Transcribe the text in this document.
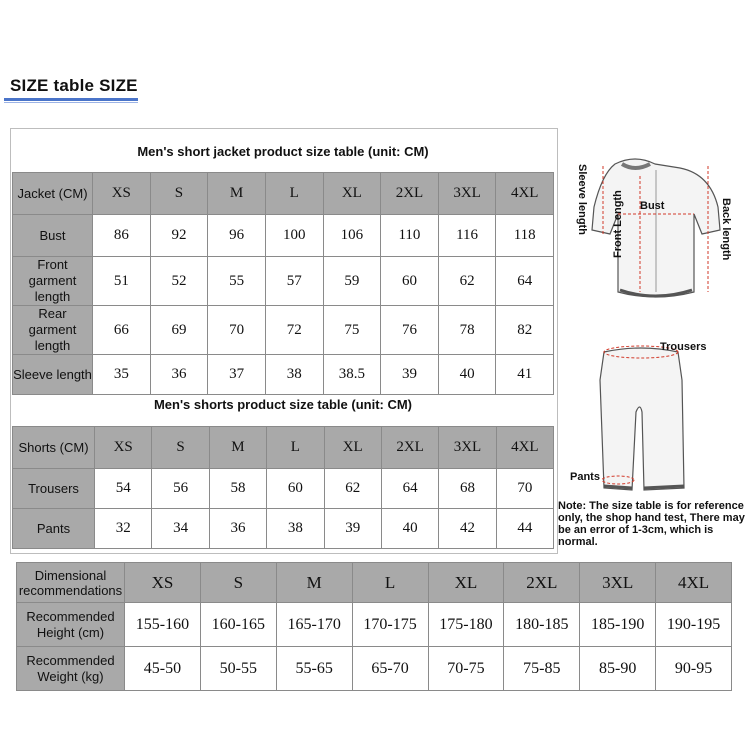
SIZE table SIZE
Men's short jacket product size table (unit: CM)
Jacket (CM)	XS	S	M	L	XL	2XL	3XL	4XL
Bust	86	92	96	100	106	110	116	118
Front garment length	51	52	55	57	59	60	62	64
Rear garment length	66	69	70	72	75	76	78	82
Sleeve length	35	36	37	38	38.5	39	40	41
Men's shorts product size table (unit: CM)
Shorts (CM)	XS	S	M	L	XL	2XL	3XL	4XL
Trousers	54	56	58	60	62	64	68	70
Pants	32	34	36	38	39	40	42	44
Dimensional recommendations	XS	S	M	L	XL	2XL	3XL	4XL
Recommended Height (cm)	155-160	160-165	165-170	170-175	175-180	180-185	185-190	190-195
Recommended Weight (kg)	45-50	50-55	55-65	65-70	70-75	75-85	85-90	90-95
Sleeve length Front Length Bust	Back length
Trousers
Pants
Note: The size table is for reference only, the shop hand test, There may be an error of 1-3cm, which is normal.
